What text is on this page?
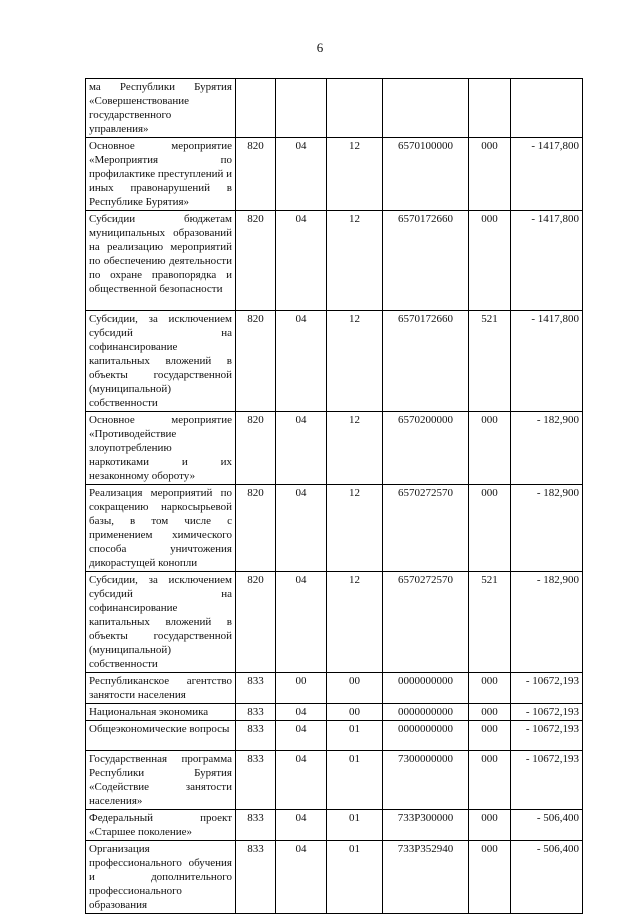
6
ма Республики Бурятия «Совершенствование государственного управления»						
Основное мероприятие «Мероприятия по профилактике преступлений и иных правонарушений в Республике Бурятия»	820	04	12	6570100000	000	- 1417,800
Субсидии бюджетам муниципальных образований на реализацию мероприятий по обеспечению деятельности по охране правопорядка и общественной безопасности	820	04	12	6570172660	000	- 1417,800
Субсидии, за исключением субсидий на софинансирование капитальных вложений в объекты государственной (муниципальной) собственности	820	04	12	6570172660	521	- 1417,800
Основное мероприятие «Противодействие злоупотреблению наркотиками и их незаконному обороту»	820	04	12	6570200000	000	- 182,900
Реализация мероприятий по сокращению наркосырьевой базы, в том числе с применением химического способа уничтожения дикорастущей конопли	820	04	12	6570272570	000	- 182,900
Субсидии, за исключением субсидий на софинансирование капитальных вложений в объекты государственной (муниципальной) собственности	820	04	12	6570272570	521	- 182,900
Республиканское агентство занятости населения	833	00	00	0000000000	000	- 10672,193
Национальная экономика	833	04	00	0000000000	000	- 10672,193
Общеэкономические вопросы	833	04	01	0000000000	000	- 10672,193
Государственная программа Республики Бурятия «Содействие занятости населения»	833	04	01	7300000000	000	- 10672,193
Федеральный проект «Старшее поколение»	833	04	01	733P300000	000	- 506,400
Организация профессионального обучения и дополнительного профессионального образования	833	04	01	733P352940	000	- 506,400
